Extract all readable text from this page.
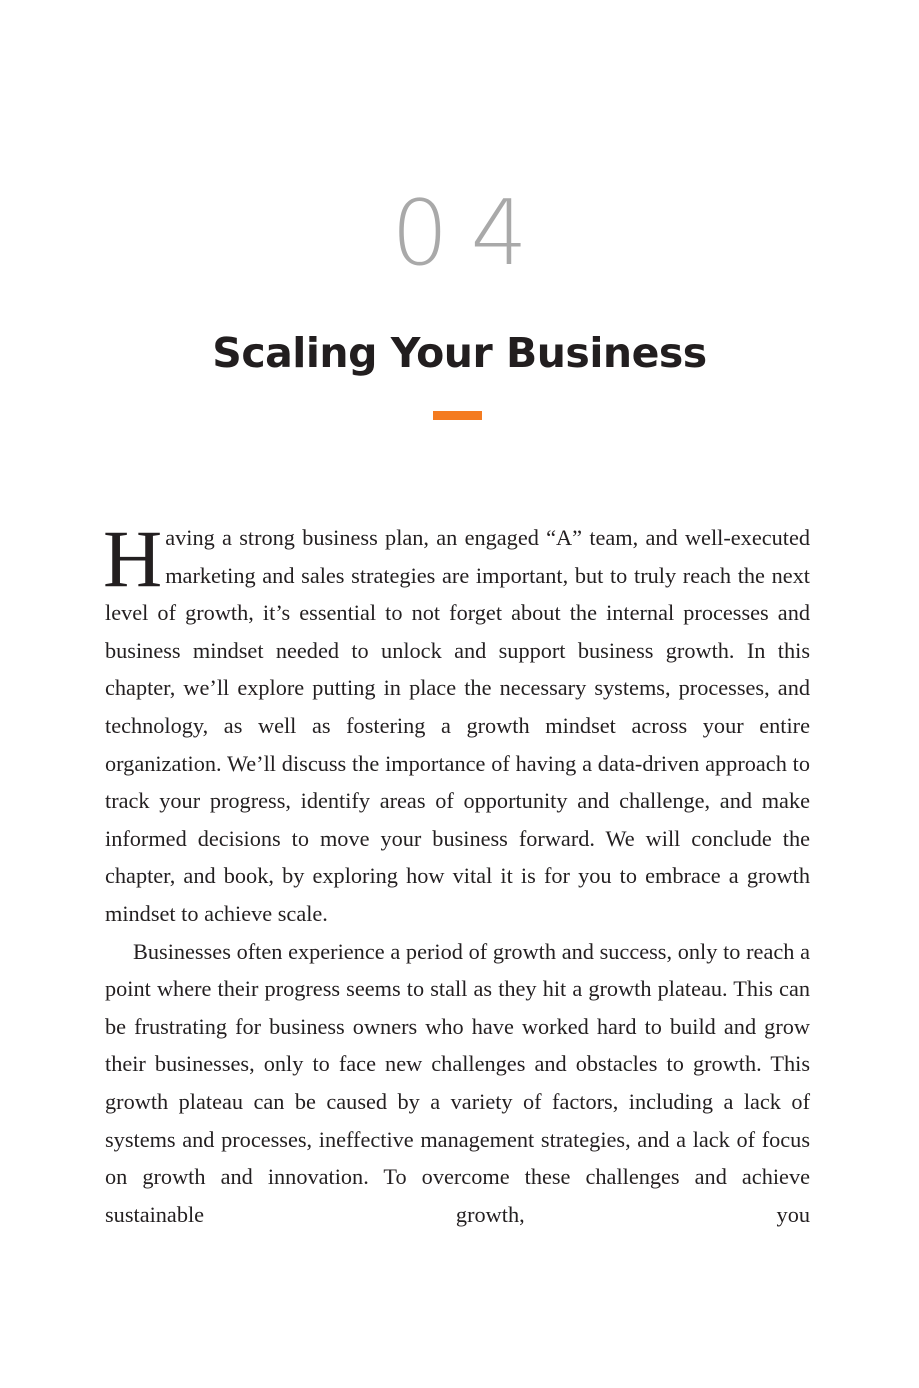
04
Scaling Your Business

Having a strong business plan, an engaged “A” team, and well-executed marketing and sales strategies are important, but to truly reach the next level of growth, it’s essential to not forget about the internal processes and business mindset needed to unlock and support business growth. In this chapter, we’ll explore putting in place the necessary systems, processes, and technology, as well as fostering a growth mindset across your entire organization. We’ll discuss the importance of having a data-driven approach to track your progress, identify areas of opportunity and challenge, and make informed decisions to move your business forward. We will conclude the chapter, and book, by exploring how vital it is for you to embrace a growth mindset to achieve scale.

Businesses often experience a period of growth and success, only to reach a point where their progress seems to stall as they hit a growth plateau. This can be frustrating for business owners who have worked hard to build and grow their businesses, only to face new challenges and obstacles to growth. This growth plateau can be caused by a variety of factors, including a lack of systems and processes, ineffective management strategies, and a lack of focus on growth and innovation. To overcome these challenges and achieve sustainable growth, you
